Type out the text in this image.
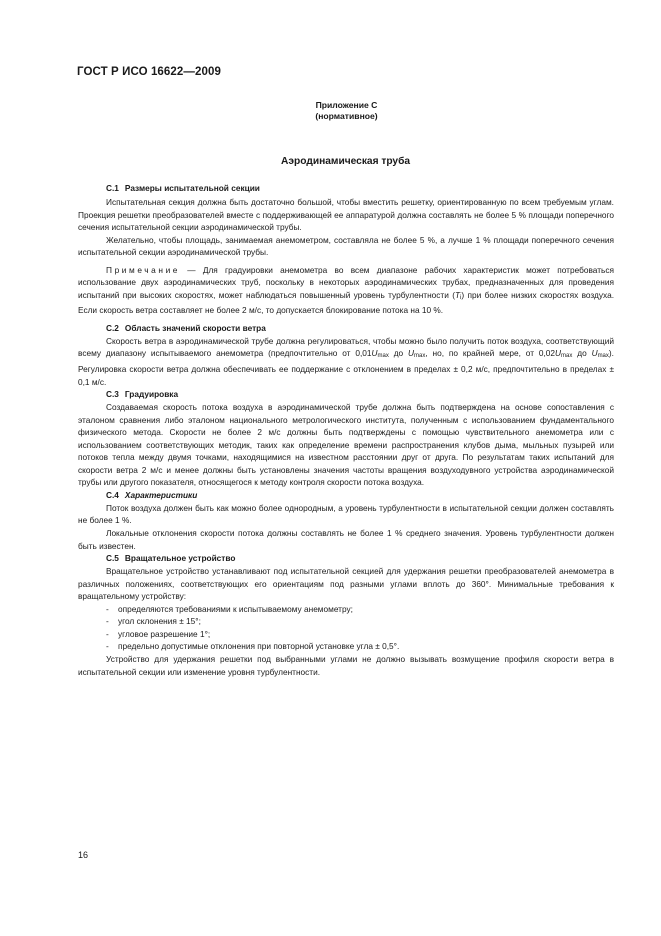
ГОСТ Р ИСО 16622—2009
Приложение С
(нормативное)
Аэродинамическая труба
С.1 Размеры испытательной секции

Испытательная секция должна быть достаточно большой, чтобы вместить решетку, ориентированную по всем требуемым углам. Проекция решетки преобразователей вместе с поддерживающей ее аппаратурой должна составлять не более 5 % площади поперечного сечения испытательной секции аэродинамической трубы.

Желательно, чтобы площадь, занимаемая анемометром, составляла не более 5 %, а лучше 1 % площади поперечного сечения испытательной секции аэродинамической трубы.

Примечание — Для градуировки анемометра во всем диапазоне рабочих характеристик может потребоваться использование двух аэродинамических труб, поскольку в некоторых аэродинамических трубах, предназначенных для проведения испытаний при высоких скоростях, может наблюдаться повышенный уровень турбулентности $(T_i)$ при более низких скоростях воздуха. Если скорость ветра составляет не более 2 м/с, то допускается блокирование потока на 10 %.

С.2 Область значений скорости ветра

Скорость ветра в аэродинамической трубе должна регулироваться, чтобы можно было получить поток воздуха, соответствующий всему диапазону испытываемого анемометра (предпочтительно от $0,01U_{max}$ до $U_{max}$, но, по крайней мере, от $0,02U_{max}$ до $U_{max}$). Регулировка скорости ветра должна обеспечивать ее поддержание с отклонением в пределах ± 0,2 м/с, предпочтительно в пределах ± 0,1 м/с.

С.3 Градуировка

Создаваемая скорость потока воздуха в аэродинамической трубе должна быть подтверждена на основе сопоставления с эталоном сравнения либо эталоном национального метрологического института, полученным с использованием фундаментального физического метода. Скорости не более 2 м/с должны быть подтверждены с помощью чувствительного анемометра или с использованием соответствующих методик, таких как определение времени распространения клубов дыма, мыльных пузырей или потоков тепла между двумя точками, находящимися на известном расстоянии друг от друга. По результатам таких испытаний для скорости ветра 2 м/с и менее должны быть установлены значения частоты вращения воздуходувного устройства аэродинамической трубы или другого показателя, относящегося к методу контроля скорости потока воздуха.

С.4 Характеристики

Поток воздуха должен быть как можно более однородным, а уровень турбулентности в испытательной секции должен составлять не более 1 %.

Локальные отклонения скорости потока должны составлять не более 1 % среднего значения. Уровень турбулентности должен быть известен.

С.5 Вращательное устройство

Вращательное устройство устанавливают под испытательной секцией для удержания решетки преобразователей анемометра в различных положениях, соответствующих его ориентациям под разными углами вплоть до 360°. Минимальные требования к вращательному устройству:

- определяются требованиями к испытываемому анемометру;
- угол склонения ± 15°;
- угловое разрешение 1°;
- предельно допустимые отклонения при повторной установке угла ± 0,5°.

Устройство для удержания решетки под выбранными углами не должно вызывать возмущение профиля скорости ветра в испытательной секции или изменение уровня турбулентности.

16
